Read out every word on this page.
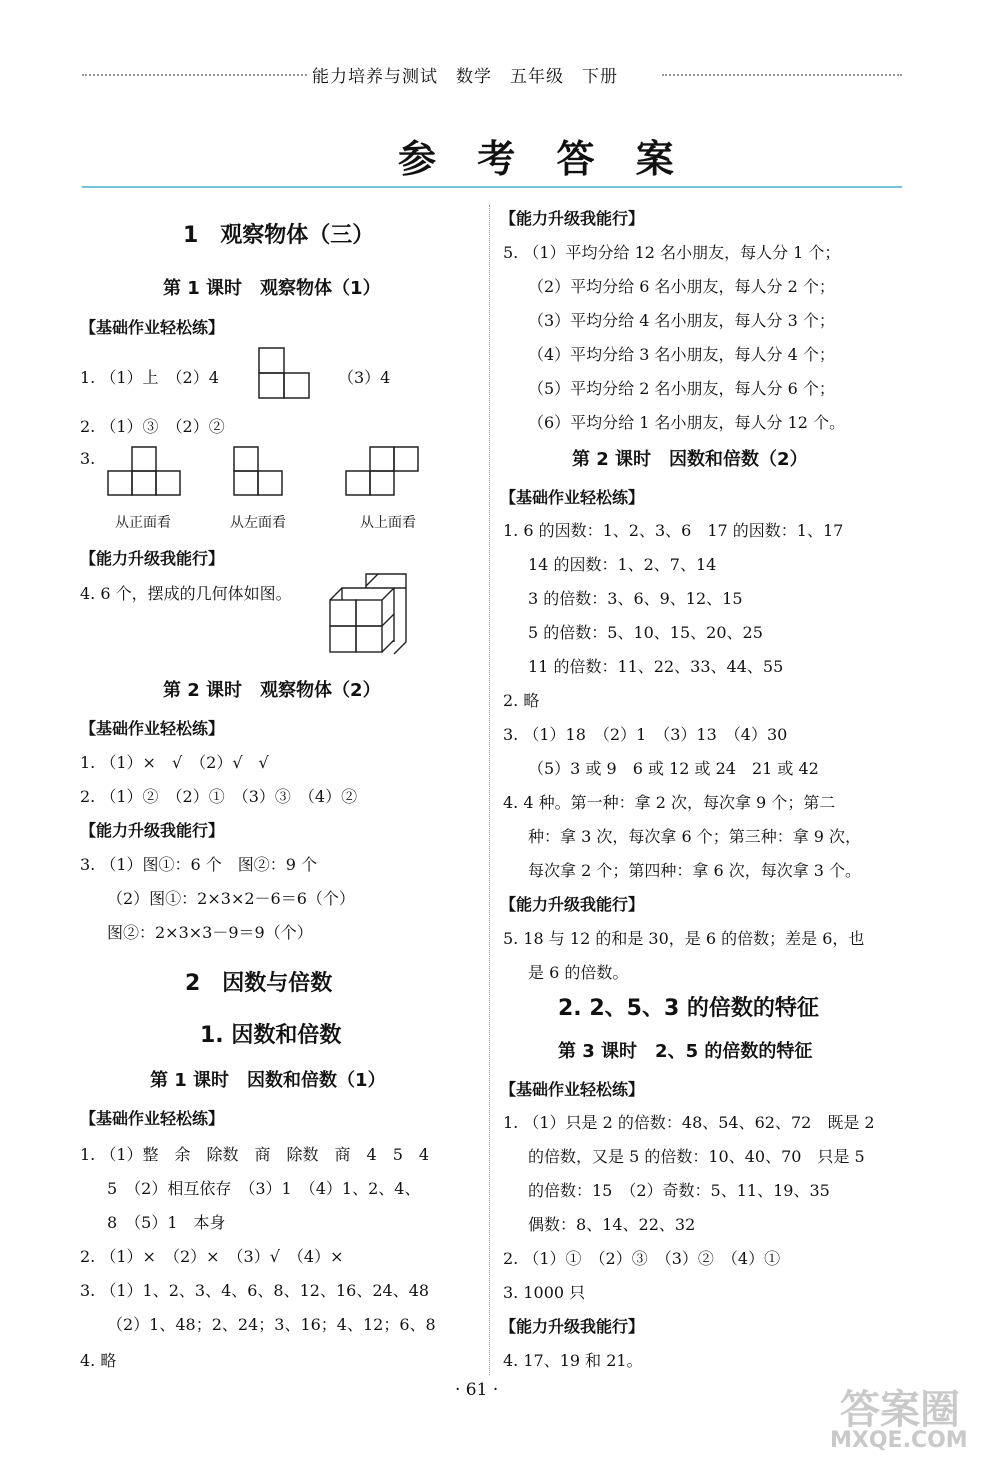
能力培养与测试　数学　五年级　下册
参 考 答 案
1　观察物体（三）
第 1 课时　观察物体（1）
【基础作业轻松练】
1. （1）上　（2）4	（3）4
2. （1）③　（2）②
3.
从正面看	从左面看	从上面看
【能力升级我能行】
4. 6 个，摆成的几何体如图。
第 2 课时　观察物体（2）
【基础作业轻松练】
1. （1）×　√　（2）√　√
2. （1）②　（2）①　（3）③　（4）②
【能力升级我能行】
3. （1）图①：6 个　图②：9 个
（2）图①：2×3×2－6＝6（个）
图②：2×3×3－9＝9（个）
2　因数与倍数
1. 因数和倍数
第 1 课时　因数和倍数（1）
【基础作业轻松练】
1. （1）整　余　除数　商　除数　商　4　5　4
5　（2）相互依存　（3）1　（4）1、2、4、
8　（5）1　本身
2. （1）×　（2）×　（3）√　（4）×
3. （1）1、2、3、4、6、8、12、16、24、48
（2）1、48；2、24；3、16；4、12；6、8
4. 略
【能力升级我能行】
5. （1）平均分给 12 名小朋友，每人分 1 个；
（2）平均分给 6 名小朋友，每人分 2 个；
（3）平均分给 4 名小朋友，每人分 3 个；
（4）平均分给 3 名小朋友，每人分 4 个；
（5）平均分给 2 名小朋友，每人分 6 个；
（6）平均分给 1 名小朋友，每人分 12 个。
第 2 课时　因数和倍数（2）
【基础作业轻松练】
1. 6 的因数：1、2、3、6　17 的因数：1、17
14 的因数：1、2、7、14
3 的倍数：3、6、9、12、15
5 的倍数：5、10、15、20、25
11 的倍数：11、22、33、44、55
2. 略
3. （1）18　（2）1　（3）13　（4）30
（5）3 或 9　6 或 12 或 24　21 或 42
4. 4 种。第一种：拿 2 次，每次拿 9 个；第二
种：拿 3 次，每次拿 6 个；第三种：拿 9 次，
每次拿 2 个；第四种：拿 6 次，每次拿 3 个。
【能力升级我能行】
5. 18 与 12 的和是 30，是 6 的倍数；差是 6，也
是 6 的倍数。
2. 2、5、3 的倍数的特征
第 3 课时　2、5 的倍数的特征
【基础作业轻松练】
1. （1）只是 2 的倍数：48、54、62、72　既是 2
的倍数，又是 5 的倍数：10、40、70　只是 5
的倍数：15　（2）奇数：5、11、19、35
偶数：8、14、22、32
2. （1）①　（2）③　（3）②　（4）①
3. 1000 只
【能力升级我能行】
4. 17、19 和 21。
· 61 ·	答案圈
MXQE.COM
